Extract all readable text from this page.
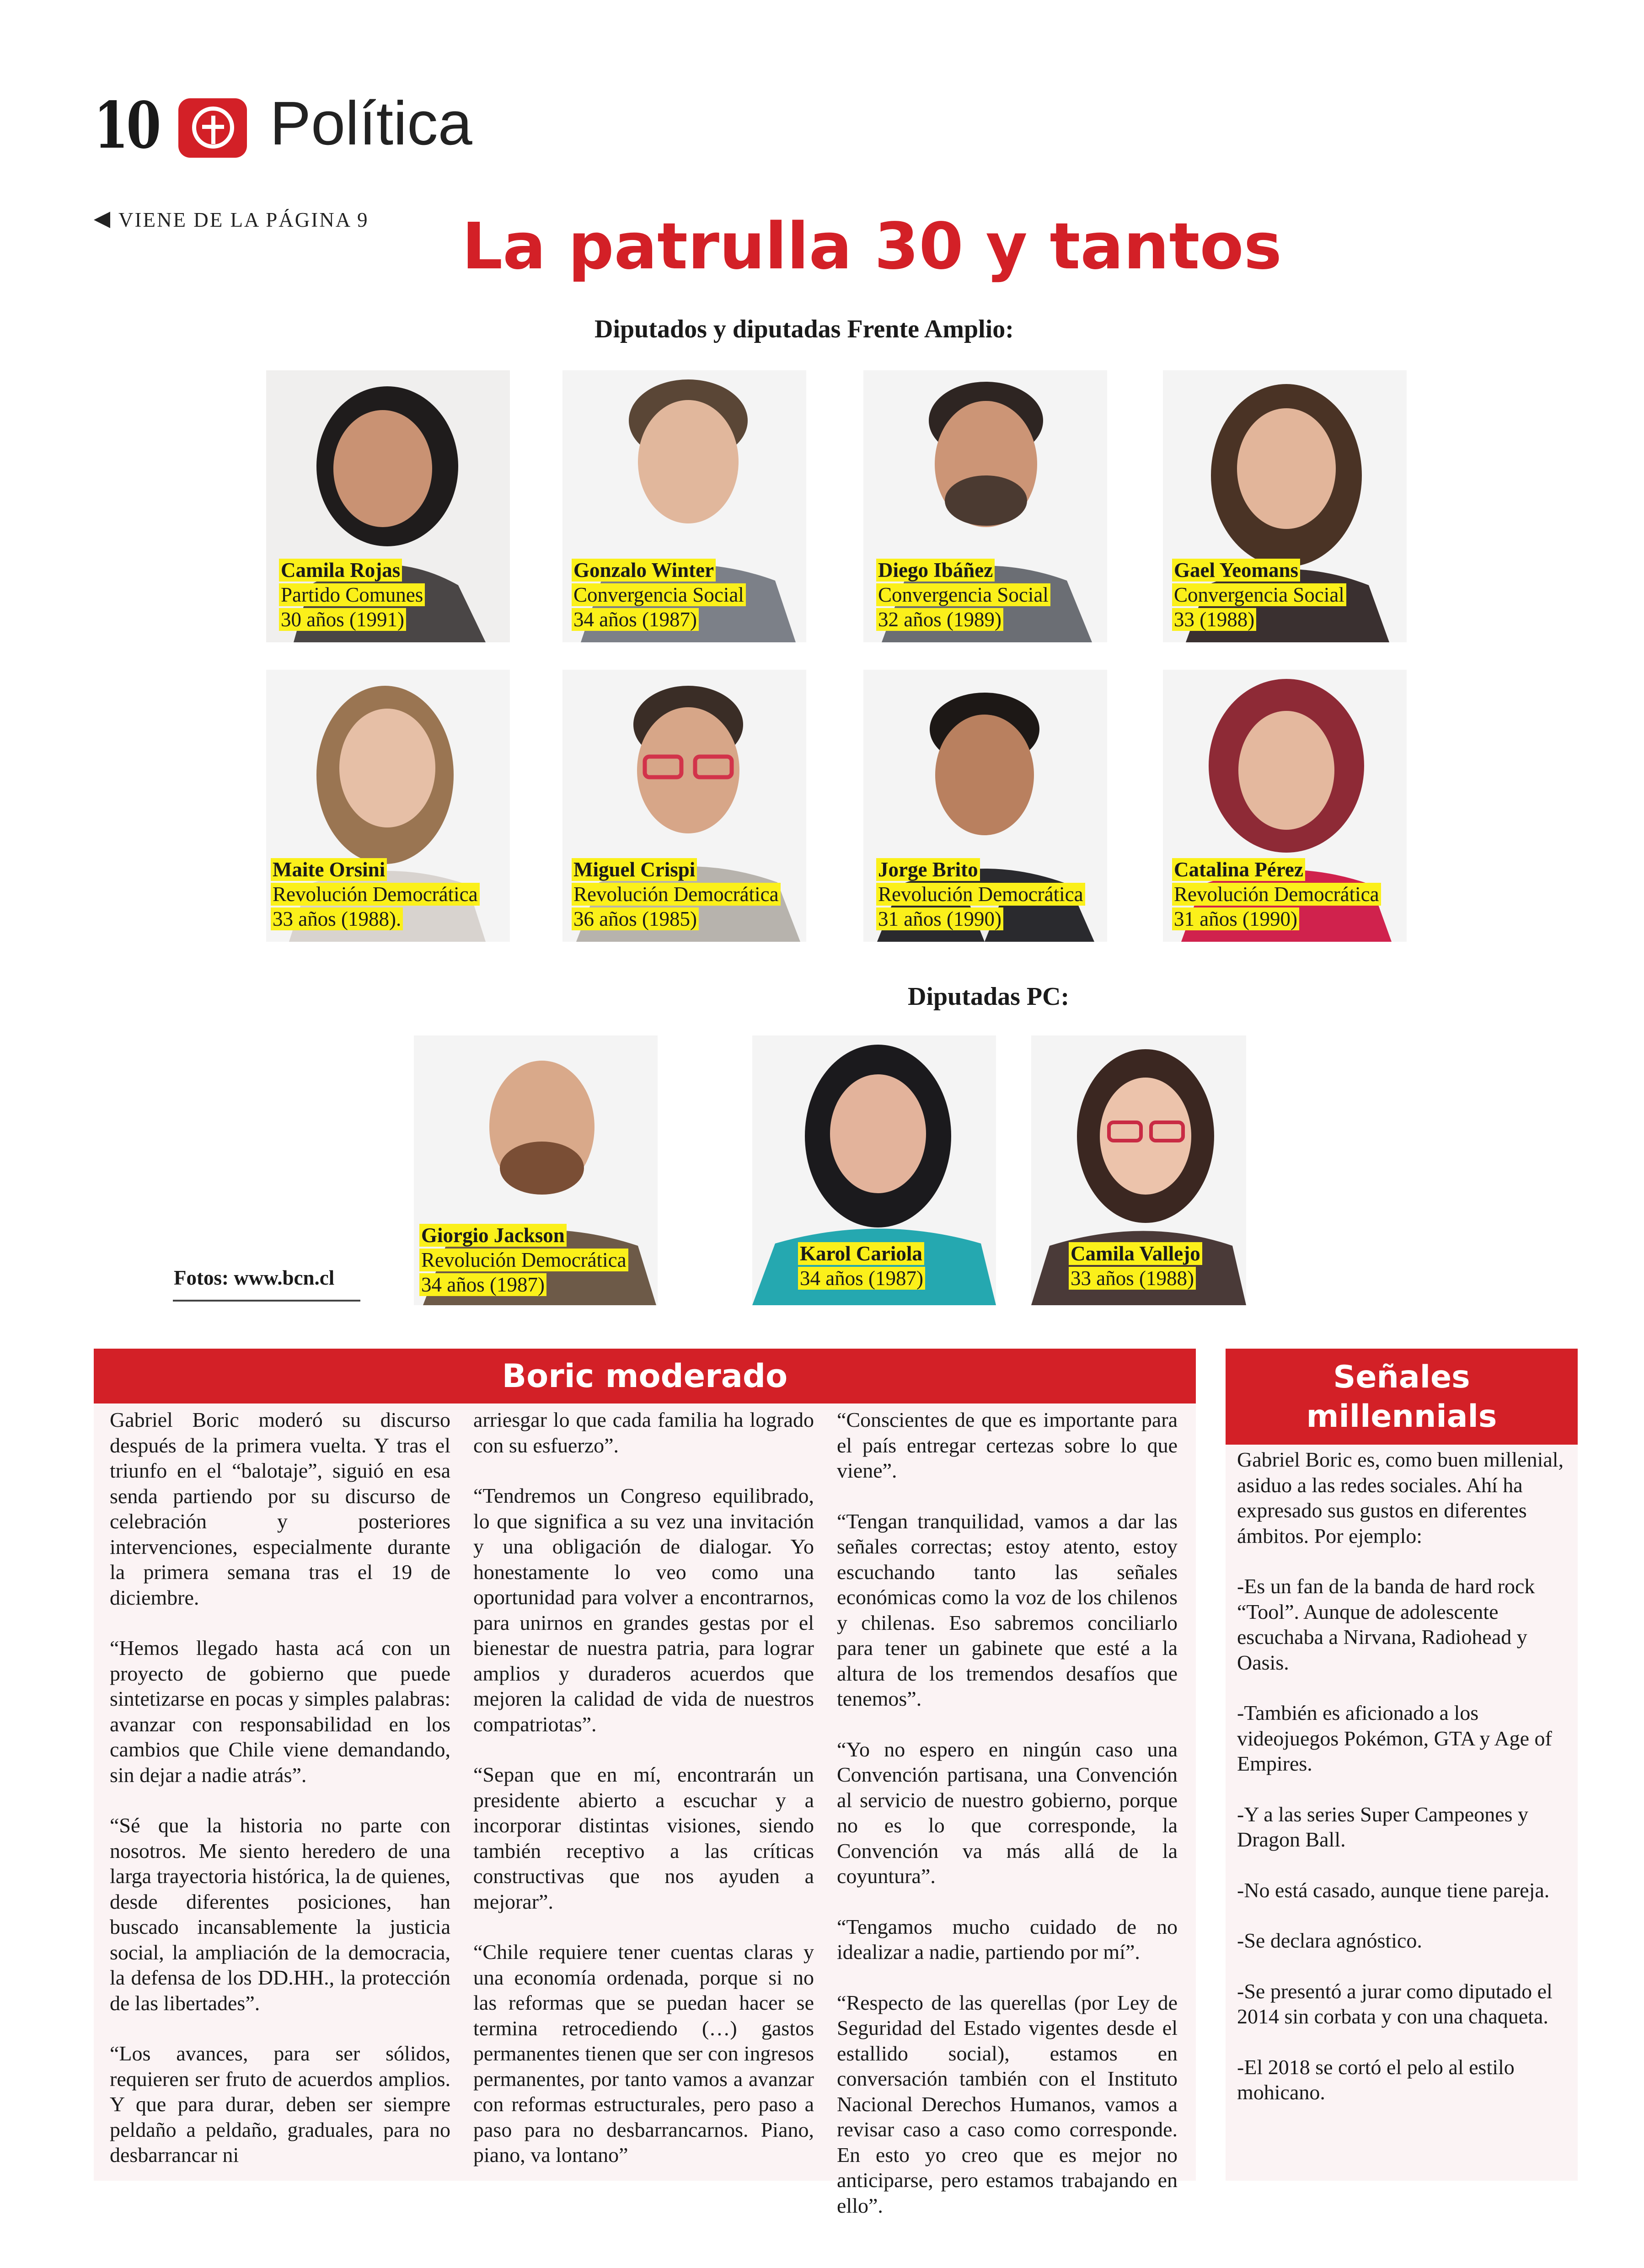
10 Política
VIENE DE LA PÁGINA 9 La patrulla 30 y tantos
Diputados y diputadas Frente Amplio:
Camila Rojas
Partido Comunes
30 años (1991)
Gonzalo Winter
Convergencia Social
34 años (1987)
Diego Ibáñez
Convergencia Social
32 años (1989)
Gael Yeomans
Convergencia Social
33 (1988)
Maite Orsini
Revolución Democrática
33 años (1988).
Miguel Crispi
Revolución Democrática
36 años (1985)
Jorge Brito
Revolución Democrática
31 años (1990)
Catalina Pérez
Revolución Democrática
31 años (1990)
Diputadas PC:
Giorgio Jackson
Revolución Democrática
34 años (1987)
Karol Cariola
34 años (1987)
Camila Vallejo
33 años (1988)
Fotos: www.bcn.cl
Boric moderado

Gabriel Boric moderó su discurso después de la primera vuelta. Y tras el triunfo en el “balotaje”, siguió en esa senda partiendo por su discurso de celebración y posteriores intervenciones, especialmente durante la primera semana tras el 19 de diciembre.

“Hemos llegado hasta acá con un proyecto de gobierno que puede sintetizarse en pocas y simples palabras: avanzar con responsabilidad en los cambios que Chile viene demandando, sin dejar a nadie atrás”.

“Sé que la historia no parte con nosotros. Me siento heredero de una larga trayectoria histórica, la de quienes, desde diferentes posiciones, han buscado incansablemente la justicia social, la ampliación de la democracia, la defensa de los DD.HH., la protección de las libertades”.

“Los avances, para ser sólidos, requieren ser fruto de acuerdos amplios. Y que para durar, deben ser siempre peldaño a peldaño, graduales, para no desbarrancar ni

arriesgar lo que cada familia ha logrado con su esfuerzo”.

“Tendremos un Congreso equilibrado, lo que significa a su vez una invitación y una obligación de dialogar. Yo honestamente lo veo como una oportunidad para volver a encontrarnos, para unirnos en grandes gestas por el bienestar de nuestra patria, para lograr amplios y duraderos acuerdos que mejoren la calidad de vida de nuestros compatriotas”.

“Sepan que en mí, encontrarán un presidente abierto a escuchar y a incorporar distintas visiones, siendo también receptivo a las críticas constructivas que nos ayuden a mejorar”.

“Chile requiere tener cuentas claras y una economía ordenada, porque si no las reformas que se puedan hacer se termina retrocediendo (…) gastos permanentes tienen que ser con ingresos permanentes, por tanto vamos a avanzar con reformas estructurales, pero paso a paso para no desbarrancarnos. Piano, piano, va lontano”

“Conscientes de que es importante para el país entregar certezas sobre lo que viene”.

“Tengan tranquilidad, vamos a dar las señales correctas; estoy atento, estoy escuchando tanto las señales económicas como la voz de los chilenos y chilenas. Eso sabremos conciliarlo para tener un gabinete que esté a la altura de los tremendos desafíos que tenemos”.

“Yo no espero en ningún caso una Convención partisana, una Convención al servicio de nuestro gobierno, porque no es lo que corresponde, la Convención va más allá de la coyuntura”.

“Tengamos mucho cuidado de no idealizar a nadie, partiendo por mí”.

“Respecto de las querellas (por Ley de Seguridad del Estado vigentes desde el estallido social), estamos en conversación también con el Instituto Nacional Derechos Humanos, vamos a revisar caso a caso como corresponde. En esto yo creo que es mejor no anticiparse, pero estamos trabajando en ello”.

Señales
millennials

Gabriel Boric es, como buen millenial, asiduo a las redes sociales. Ahí ha expresado sus gustos en diferentes ámbitos. Por ejemplo:

-Es un fan de la banda de hard rock “Tool”. Aunque de adolescente escuchaba a Nirvana, Radiohead y Oasis.

-También es aficionado a los videojuegos Pokémon, GTA y Age of Empires.

-Y a las series Super Campeones y Dragon Ball.

-No está casado, aunque tiene pareja.

-Se declara agnóstico.

-Se presentó a jurar como diputado el 2014 sin corbata y con una chaqueta.

-El 2018 se cortó el pelo al estilo mohicano.
